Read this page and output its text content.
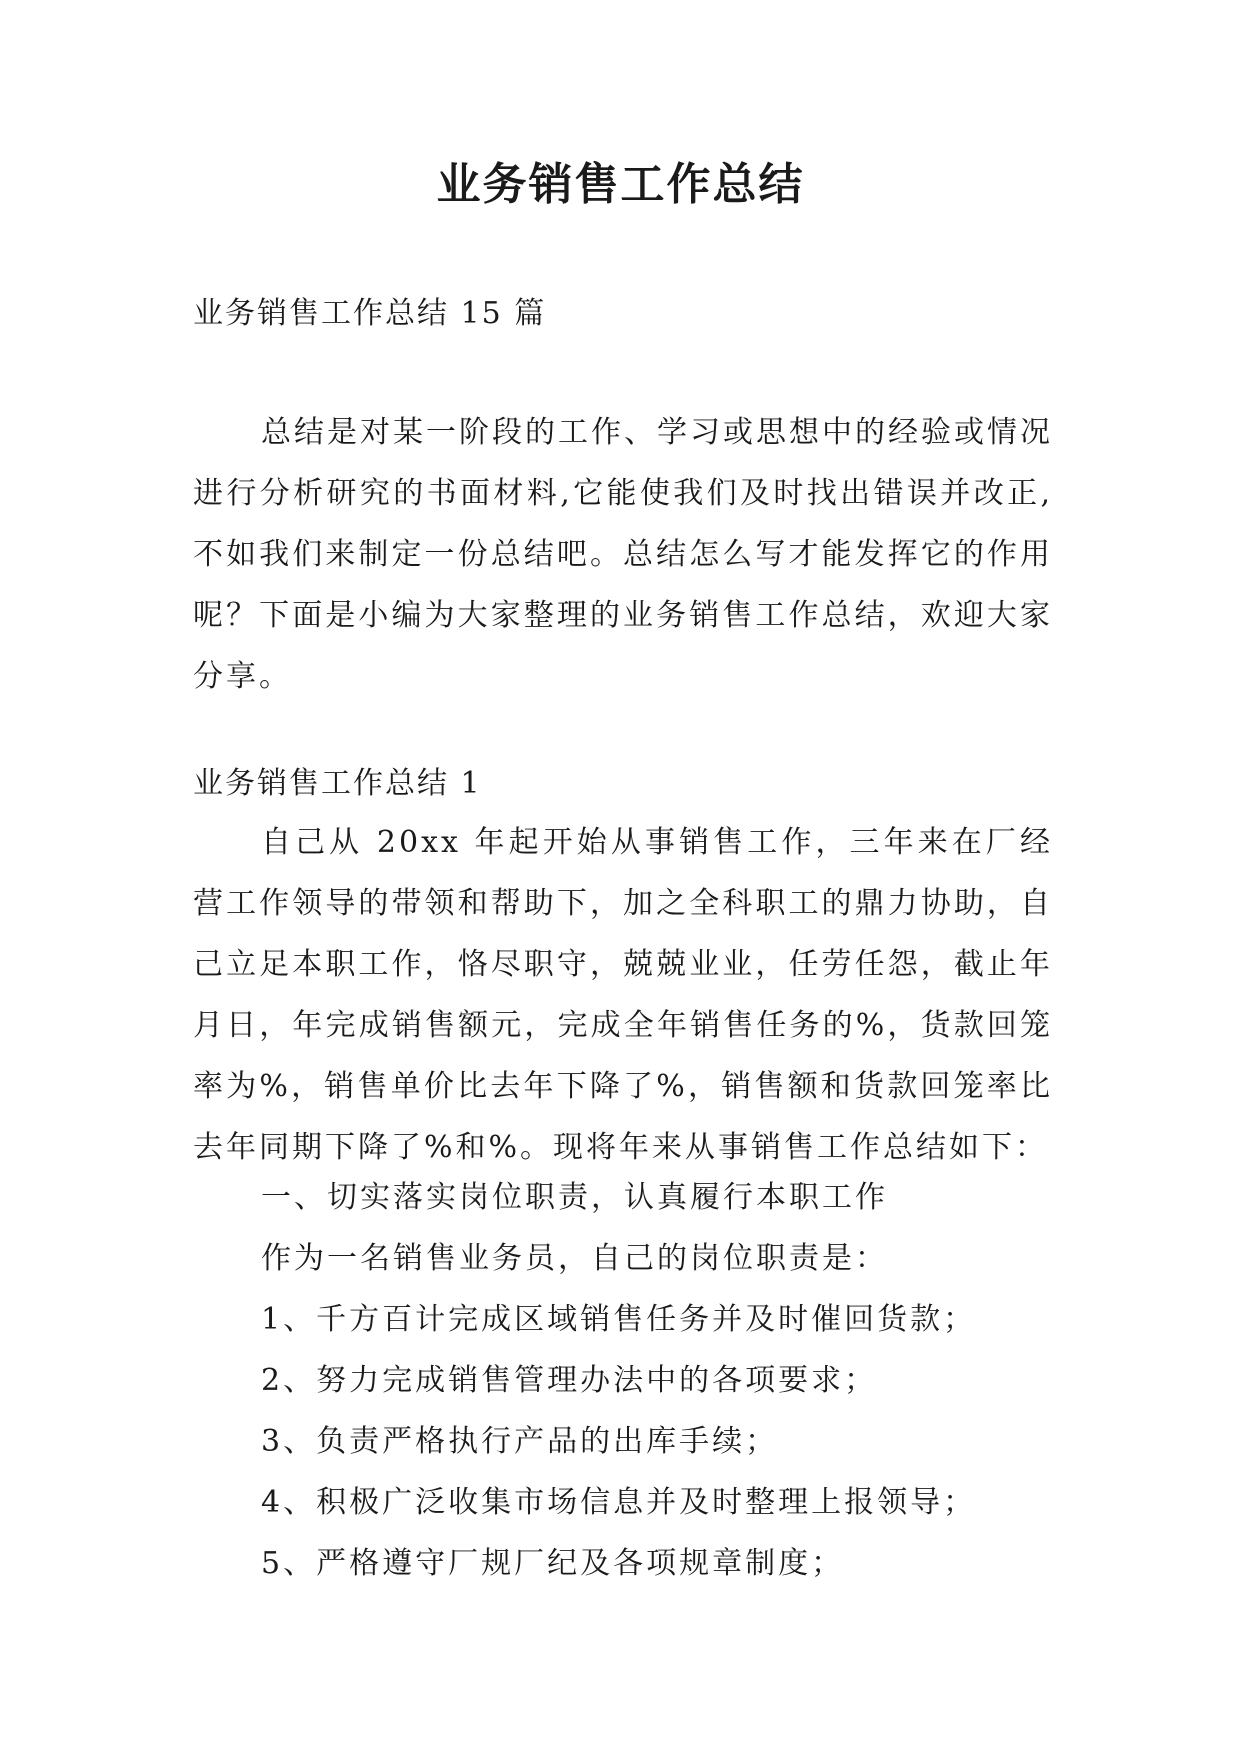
业务销售工作总结

业务销售工作总结 15 篇

总结是对某一阶段的工作、学习或思想中的经验或情况进行分析研究的书面材料,它能使我们及时找出错误并改正,不如我们来制定一份总结吧。总结怎么写才能发挥它的作用呢？下面是小编为大家整理的业务销售工作总结，欢迎大家分享。

业务销售工作总结 1

自己从 20xx 年起开始从事销售工作，三年来在厂经营工作领导的带领和帮助下，加之全科职工的鼎力协助，自己立足本职工作，恪尽职守，兢兢业业，任劳任怨，截止年月日，年完成销售额元，完成全年销售任务的%，货款回笼率为%，销售单价比去年下降了%，销售额和货款回笼率比去年同期下降了%和%。现将年来从事销售工作总结如下：

一、切实落实岗位职责，认真履行本职工作

作为一名销售业务员，自己的岗位职责是：

1、千方百计完成区域销售任务并及时催回货款；

2、努力完成销售管理办法中的各项要求；

3、负责严格执行产品的出库手续；

4、积极广泛收集市场信息并及时整理上报领导；

5、严格遵守厂规厂纪及各项规章制度；
